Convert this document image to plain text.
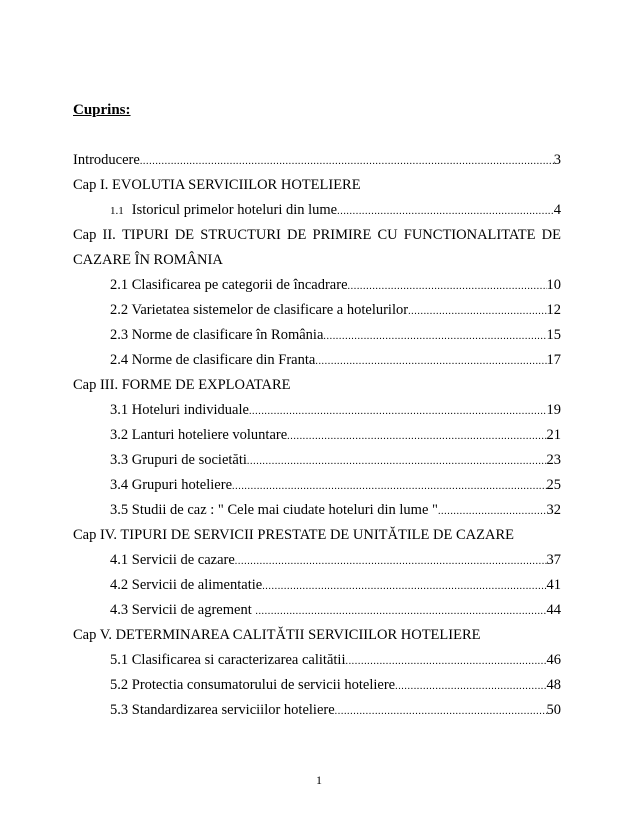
Cuprins:
Introducere .....	3
Cap I. EVOLUTIA SERVICIILOR HOTELIERE
1.1 Istoricul primelor hoteluri din lume .....	4
Cap II. TIPURI DE STRUCTURI DE PRIMIRE CU FUNCTIONALITATE DE
CAZARE ÎN ROMÂNIA
2.1 Clasificarea pe categorii de încadrare .....	10
2.2 Varietatea sistemelor de clasificare a hotelurilor .....	12
2.3 Norme de clasificare în România .....	15
2.4 Norme de clasificare din Franta .....	17
Cap III. FORME DE EXPLOATARE
3.1 Hoteluri individuale .....	19
3.2 Lanturi hoteliere voluntare .....	21
3.3 Grupuri de societăti .....	23
3.4 Grupuri hoteliere .....	25
3.5 Studii de caz : " Cele mai ciudate hoteluri din lume " .....	32
Cap IV. TIPURI DE SERVICII PRESTATE DE UNITĂTILE DE CAZARE
4.1 Servicii de cazare .....	37
4.2 Servicii de alimentatie .....	41
4.3 Servicii de agrement .....	44
Cap V. DETERMINAREA CALITĂTII SERVICIILOR HOTELIERE
5.1 Clasificarea si caracterizarea calitătii .....	46
5.2 Protectia consumatorului de servicii hoteliere .....	48
5.3 Standardizarea serviciilor hoteliere .....	50
1
